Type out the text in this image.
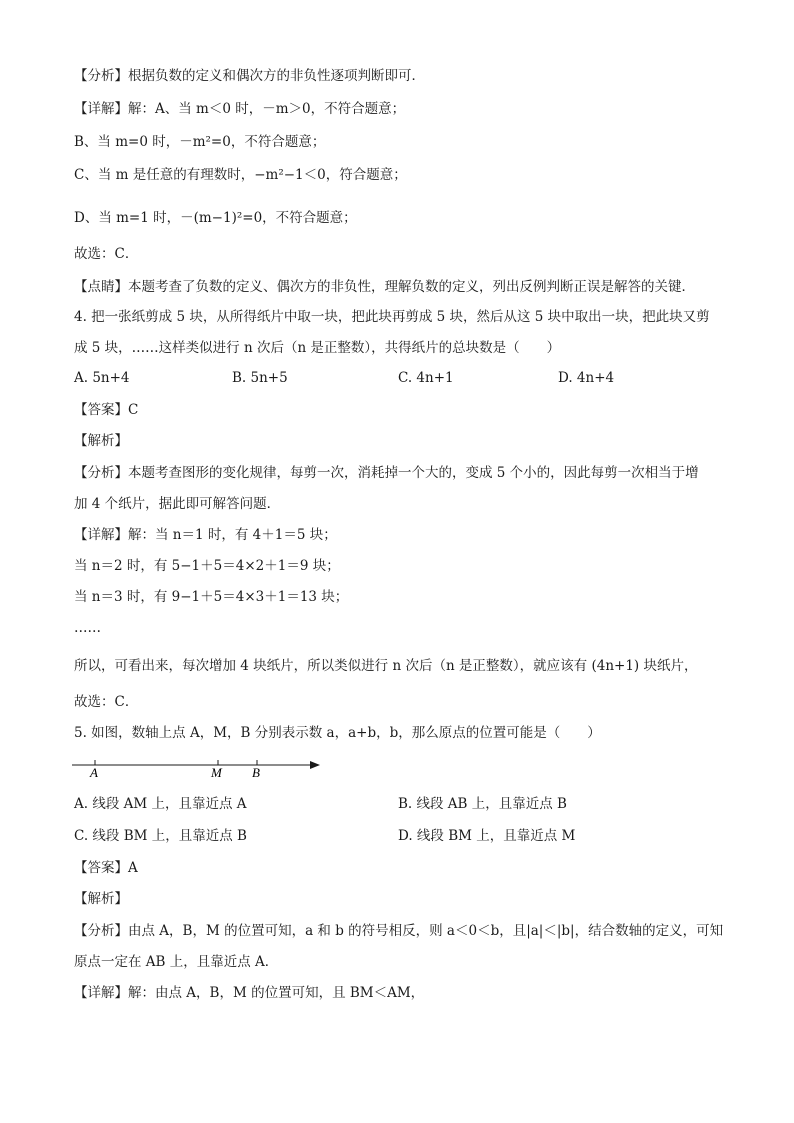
【分析】根据负数的定义和偶次方的非负性逐项判断即可．
【详解】解：A、当 m＜0 时，－m＞0，不符合题意；
B、当 m=0 时，－m²=0，不符合题意；
C、当 m 是任意的有理数时，−m²−1＜0，符合题意；
D、当 m=1 时，－(m−1)²=0，不符合题意；
故选：C．
【点睛】本题考查了负数的定义、偶次方的非负性，理解负数的定义，列出反例判断正误是解答的关键．
4. 把一张纸剪成 5 块，从所得纸片中取一块，把此块再剪成 5 块，然后从这 5 块中取出一块，把此块又剪
成 5 块，……这样类似进行 n 次后（n 是正整数），共得纸片的总块数是（　　）
A. 5n+4	B. 5n+5	C. 4n+1	D. 4n+4
【答案】C
【解析】
【分析】本题考查图形的变化规律，每剪一次，消耗掉一个大的，变成 5 个小的，因此每剪一次相当于增
加 4 个纸片，据此即可解答问题．
【详解】解：当 n＝1 时，有 4＋1＝5 块；
当 n＝2 时，有 5−1＋5＝4×2＋1＝9 块；
当 n＝3 时，有 9−1＋5＝4×3＋1＝13 块；
……
所以，可看出来，每次增加 4 块纸片，所以类似进行 n 次后（n 是正整数），就应该有 (4n+1) 块纸片，
故选：C．
5. 如图，数轴上点 A，M，B 分别表示数 a，a+b，b，那么原点的位置可能是（　　）
A	M B
A. 线段 AM 上，且靠近点 A	B. 线段 AB 上，且靠近点 B
C. 线段 BM 上，且靠近点 B	D. 线段 BM 上，且靠近点 M
【答案】A
【解析】
【分析】由点 A，B，M 的位置可知，a 和 b 的符号相反，则 a＜0＜b，且|a|＜|b|，结合数轴的定义，可知
原点一定在 AB 上，且靠近点 A．
【详解】解：由点 A，B，M 的位置可知，且 BM＜AM，
